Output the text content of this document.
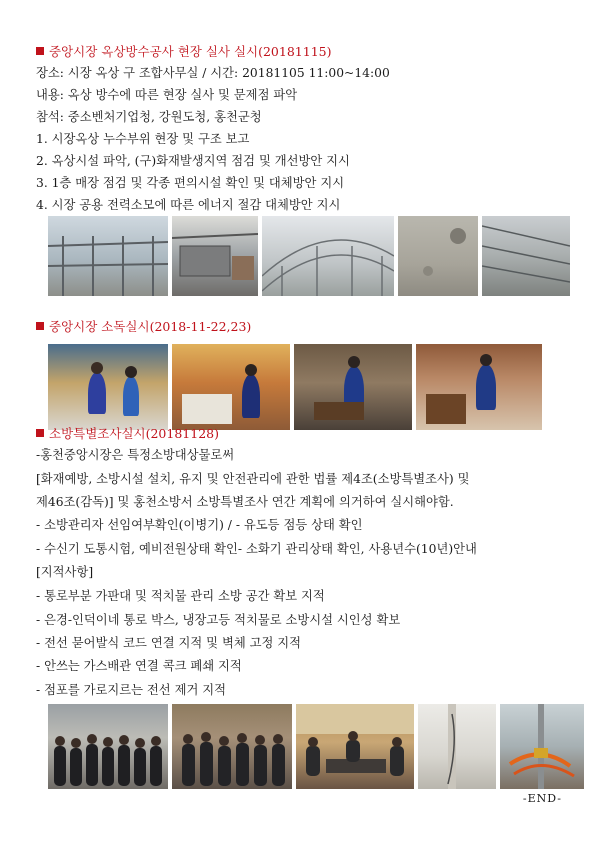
중앙시장 옥상방수공사 현장 실사 실시(20181115)
장소: 시장 옥상 구 조합사무실 / 시간: 20181105 11:00~14:00
내용: 옥상 방수에 따른 현장 실사 및 문제점 파악
참석: 중소벤처기업청, 강원도청, 홍천군청
1. 시장옥상 누수부위 현장 및 구조 보고
2. 옥상시설 파악, (구)화재발생지역 점검 및 개선방안 지시
3. 1층 매장 점검 및 각종 편의시설 확인 및 대체방안 지시
4. 시장 공용 전력소모에 따른 에너지 절감 대체방안 지시
중앙시장 소독실시(2018-11-22,23)
소방특별조사실시(20181128)
-홍천중앙시장은 특정소방대상물로써
[화재예방, 소방시설 설치, 유지 및 안전관리에 관한 법률 제4조(소방특별조사) 및
제46조(감독)] 및 홍천소방서 소방특별조사 연간 계획에 의거하여 실시해야함.
- 소방관리자 선임여부확인(이병기) / - 유도등 점등 상태 확인
- 수신기 도통시험, 예비전원상태 확인- 소화기 관리상태 확인, 사용년수(10년)안내
[지적사항]
- 통로부분 가판대 및 적치물 관리 소방 공간 확보 지적
- 은경-인덕이네 통로 박스, 냉장고등 적치물로 소방시설 시인성 확보
- 전선 묻어발식 코드 연결 지적 및 벽체 고정 지적
- 안쓰는 가스배관 연결 콕크 폐쇄 지적
- 점포를 가로지르는 전선 제거 지적
-END-
